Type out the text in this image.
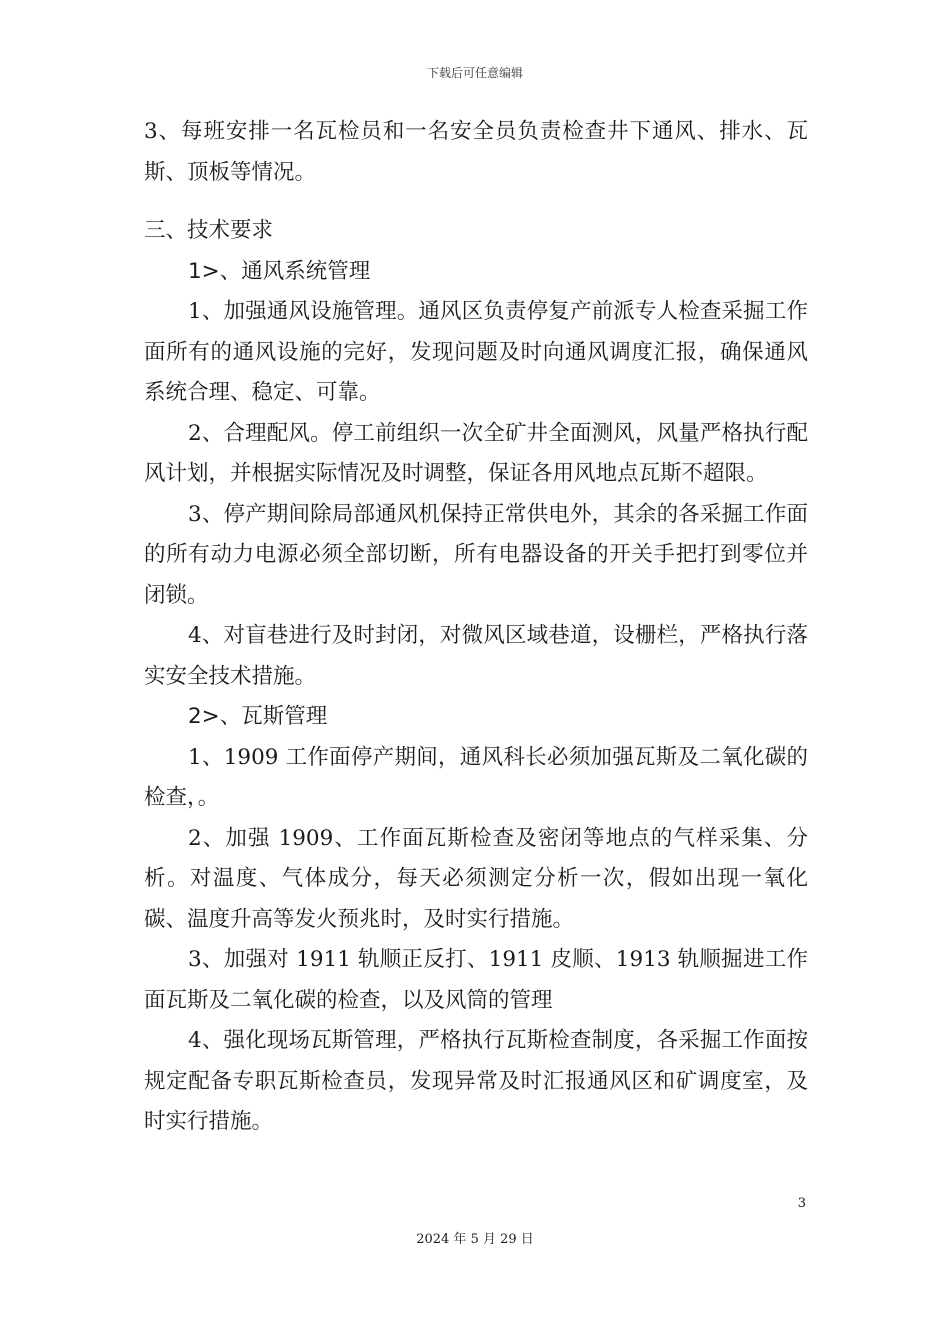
下载后可任意编辑

3、每班安排一名瓦检员和一名安全员负责检查井下通风、排水、瓦斯、顶板等情况。

三、技术要求

1>、通风系统管理

1、加强通风设施管理。通风区负责停复产前派专人检查采掘工作面所有的通风设施的完好，发现问题及时向通风调度汇报，确保通风系统合理、稳定、可靠。

2、合理配风。停工前组织一次全矿井全面测风，风量严格执行配风计划，并根据实际情况及时调整，保证各用风地点瓦斯不超限。

3、停产期间除局部通风机保持正常供电外，其余的各采掘工作面的所有动力电源必须全部切断，所有电器设备的开关手把打到零位并闭锁。

4、对盲巷进行及时封闭，对微风区域巷道，设栅栏，严格执行落实安全技术措施。

2>、瓦斯管理

1、1909 工作面停产期间，通风科长必须加强瓦斯及二氧化碳的检查，。

2、加强 1909、工作面瓦斯检查及密闭等地点的气样采集、分析。对温度、气体成分，每天必须测定分析一次，假如出现一氧化碳、温度升高等发火预兆时，及时实行措施。

3、加强对 1911 轨顺正反打、1911 皮顺、1913 轨顺掘进工作面瓦斯及二氧化碳的检查，以及风筒的管理

4、强化现场瓦斯管理，严格执行瓦斯检查制度，各采掘工作面按规定配备专职瓦斯检查员，发现异常及时汇报通风区和矿调度室，及时实行措施。

3
2024 年 5 月 29 日
